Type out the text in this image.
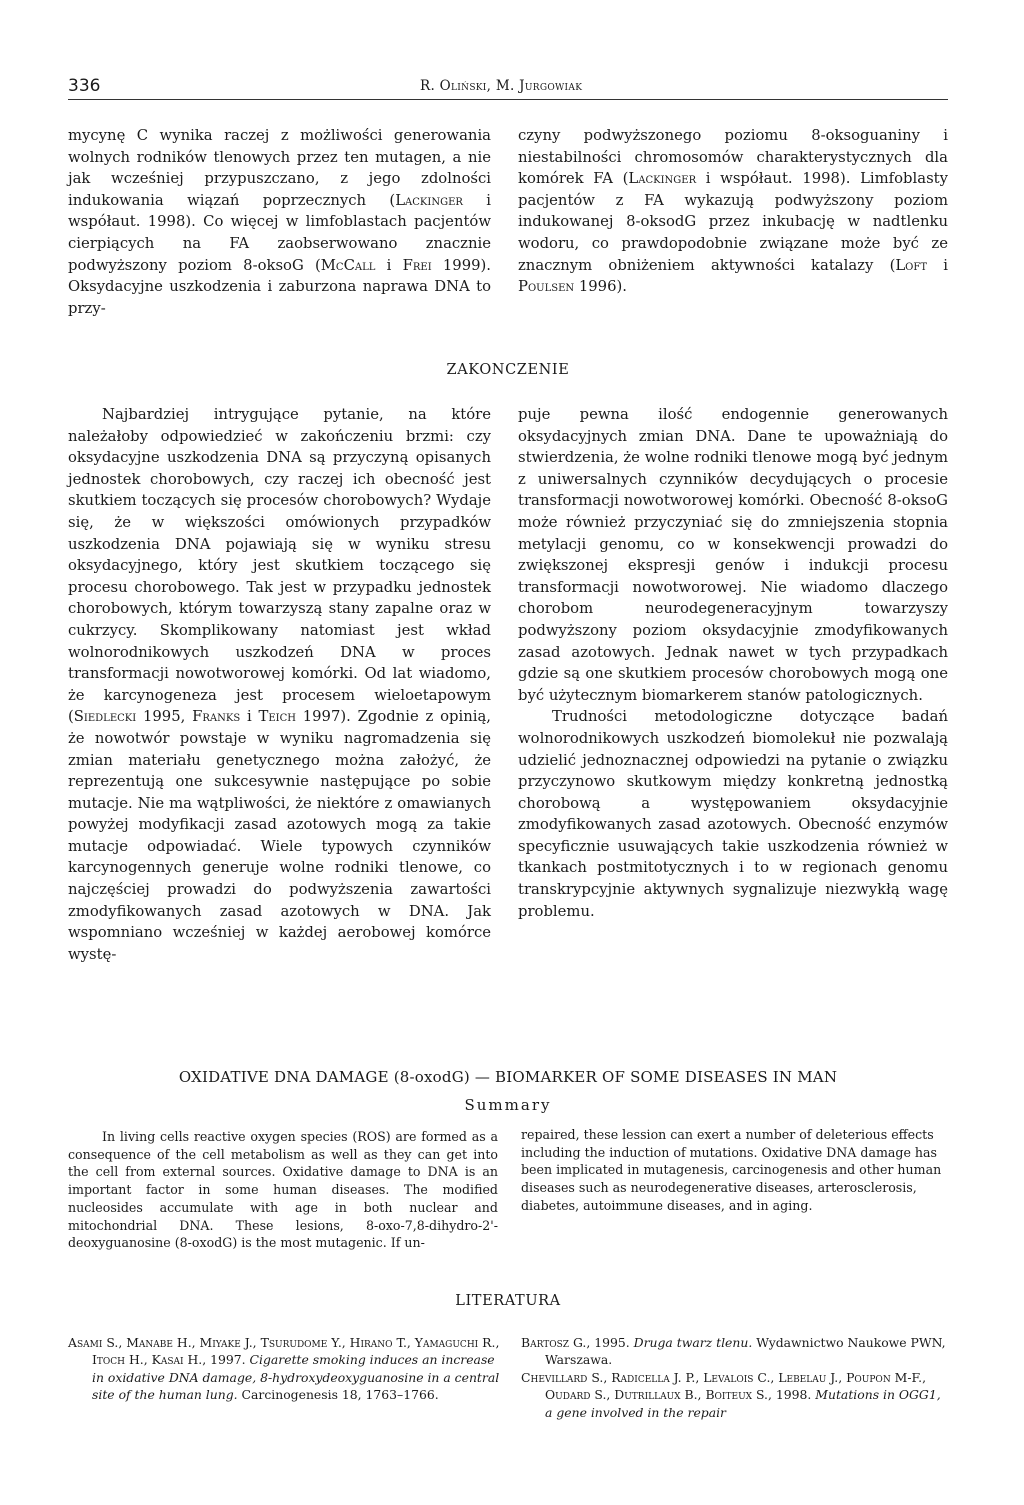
336	R. Oliński, M. Jurgowiak

mycynę C wynika raczej z możliwości generowania wolnych rodników tlenowych przez ten mutagen, a nie jak wcześniej przypuszczano, z jego zdolności indukowania wiązań poprzecznych (Lackinger i współaut. 1998). Co więcej w limfoblastach pacjentów cierpiących na FA zaobserwowano znacznie podwyższony poziom 8-oksoG (McCall i Frei 1999). Oksydacyjne uszkodzenia i zaburzona naprawa DNA to przy-

czyny podwyższonego poziomu 8-oksoguaniny i niestabilności chromosomów charakterystycznych dla komórek FA (Lackinger i współaut. 1998). Limfoblasty pacjentów z FA wykazują podwyższony poziom indukowanej 8-oksodG przez inkubację w nadtlenku wodoru, co prawdopodobnie związane może być ze znacznym obniżeniem aktywności katalazy (Loft i Poulsen 1996).

ZAKONCZENIE

Najbardziej intrygujące pytanie, na które należałoby odpowiedzieć w zakończeniu brzmi: czy oksydacyjne uszkodzenia DNA są przyczyną opisanych jednostek chorobowych, czy raczej ich obecność jest skutkiem toczących się procesów chorobowych? Wydaje się, że w większości omówionych przypadków uszkodzenia DNA pojawiają się w wyniku stresu oksydacyjnego, który jest skutkiem toczącego się procesu chorobowego. Tak jest w przypadku jednostek chorobowych, którym towarzyszą stany zapalne oraz w cukrzycy. Skomplikowany natomiast jest wkład wolnorodnikowych uszkodzeń DNA w proces transformacji nowotworowej komórki. Od lat wiadomo, że karcynogeneza jest procesem wieloetapowym (Siedlecki 1995, Franks i Teich 1997). Zgodnie z opinią, że nowotwór powstaje w wyniku nagromadzenia się zmian materiału genetycznego można założyć, że reprezentują one sukcesywnie następujące po sobie mutacje. Nie ma wątpliwości, że niektóre z omawianych powyżej modyfikacji zasad azotowych mogą za takie mutacje odpowiadać. Wiele typowych czynników karcynogennych generuje wolne rodniki tlenowe, co najczęściej prowadzi do podwyższenia zawartości zmodyfikowanych zasad azotowych w DNA. Jak wspomniano wcześniej w każdej aerobowej komórce wystę-

puje pewna ilość endogennie generowanych oksydacyjnych zmian DNA. Dane te upoważniają do stwierdzenia, że wolne rodniki tlenowe mogą być jednym z uniwersalnych czynników decydujących o procesie transformacji nowotworowej komórki. Obecność 8-oksoG może również przyczyniać się do zmniejszenia stopnia metylacji genomu, co w konsekwencji prowadzi do zwiększonej ekspresji genów i indukcji procesu transformacji nowotworowej. Nie wiadomo dlaczego chorobom neurodegeneracyjnym towarzyszy podwyższony poziom oksydacyjnie zmodyfikowanych zasad azotowych. Jednak nawet w tych przypadkach gdzie są one skutkiem procesów chorobowych mogą one być użytecznym biomarkerem stanów patologicznych.

Trudności metodologiczne dotyczące badań wolnorodnikowych uszkodzeń biomolekuł nie pozwalają udzielić jednoznacznej odpowiedzi na pytanie o związku przyczynowo skutkowym między konkretną jednostką chorobową a występowaniem oksydacyjnie zmodyfikowanych zasad azotowych. Obecność enzymów specyficznie usuwających takie uszkodzenia również w tkankach postmitotycznych i to w regionach genomu transkrypcyjnie aktywnych sygnalizuje niezwykłą wagę problemu.

OXIDATIVE DNA DAMAGE (8-oxodG) — BIOMARKER OF SOME DISEASES IN MAN
Summary

In living cells reactive oxygen species (ROS) are formed as a consequence of the cell metabolism as well as they can get into the cell from external sources. Oxidative damage to DNA is an important factor in some human diseases. The modified nucleosides accumulate with age in both nuclear and mitochondrial DNA. These lesions, 8-oxo-7,8-dihydro-2'-deoxyguanosine (8-oxodG) is the most mutagenic. If un-

repaired, these lession can exert a number of deleterious effects including the induction of mutations. Oxidative DNA damage has been implicated in mutagenesis, carcinogenesis and other human diseases such as neurodegenerative diseases, arterosclerosis, diabetes, autoimmune diseases, and in aging.

LITERATURA

Asami S., Manabe H., Miyake J., Tsurudome Y., Hirano T., Yamaguchi R., Itoch H., Kasai H., 1997. Cigarette smoking induces an increase in oxidative DNA damage, 8-hydroxydeoxyguanosine in a central site of the human lung. Carcinogenesis 18, 1763–1766.

Bartosz G., 1995. Druga twarz tlenu. Wydawnictwo Naukowe PWN, Warszawa.

Chevillard S., Radicella J. P., Levalois C., Lebelau J., Poupon M-F., Oudard S., Dutrillaux B., Boiteux S., 1998. Mutations in OGG1, a gene involved in the repair
